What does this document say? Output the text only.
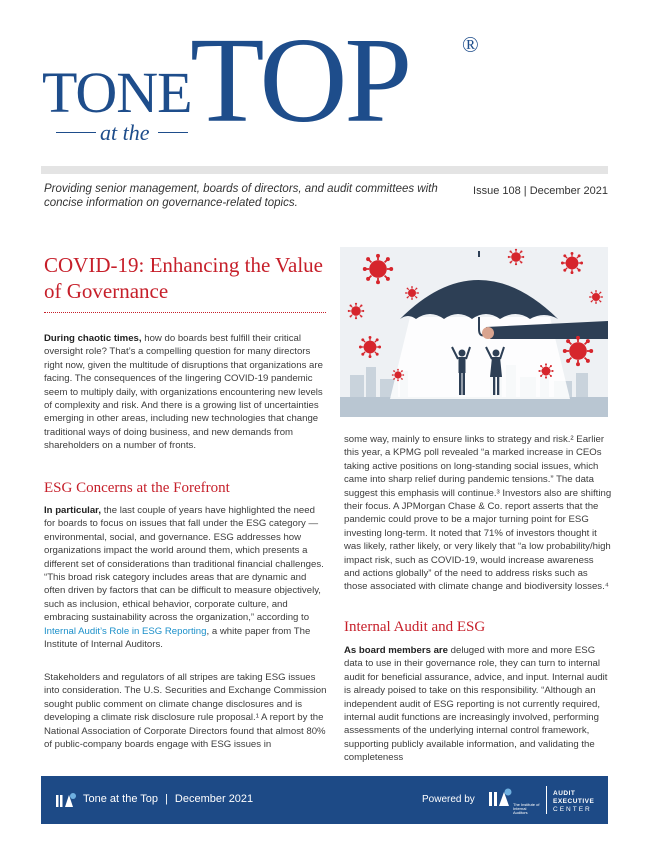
TONE
TOP ®
at the
Providing senior management, boards of directors, and audit committees with concise information on governance-related topics.
Issue 108 | December 2021
COVID-19: Enhancing the Value of Governance

During chaotic times, how do boards best fulfill their critical oversight role? That’s a compelling question for many directors right now, given the multitude of disruptions that organizations are facing. The consequences of the lingering COVID-19 pandemic seem to multiply daily, with organizations encountering new levels of complexity and risk. And there is a growing list of uncertainties emerging in other areas, including new technologies that change traditional ways of doing business, and new demands from shareholders on a number of fronts.

ESG Concerns at the Forefront

In particular, the last couple of years have highlighted the need for boards to focus on issues that fall under the ESG category — environmental, social, and governance. ESG addresses how organizations impact the world around them, which presents a different set of considerations than traditional financial challenges. “This broad risk category includes areas that are dynamic and often driven by factors that can be difficult to measure objectively, such as inclusion, ethical behavior, corporate culture, and embracing sustainability across the organization,” according to Internal Audit’s Role in ESG Reporting, a white paper from The Institute of Internal Auditors.

Stakeholders and regulators of all stripes are taking ESG issues into consideration. The U.S. Securities and Exchange Commission sought public comment on climate change disclosures and is developing a climate risk disclosure rule proposal.¹ A report by the National Association of Corporate Directors found that almost 80% of public-company boards engage with ESG issues in

some way, mainly to ensure links to strategy and risk.² Earlier this year, a KPMG poll revealed “a marked increase in CEOs taking active positions on long-standing social issues, which came into sharp relief during pandemic tensions.” The data suggest this emphasis will continue.³ Investors also are shifting their focus. A JPMorgan Chase & Co. report asserts that the pandemic could prove to be a major turning point for ESG investing long-term. It noted that 71% of investors thought it was likely, rather likely, or very likely that “a low probability/high impact risk, such as COVID-19, would increase awareness and actions globally” of the need to address risks such as those associated with climate change and biodiversity losses.⁴

Internal Audit and ESG

As board members are deluged with more and more ESG data to use in their governance role, they can turn to internal audit for beneficial assurance, advice, and input. Internal audit is already poised to take on this responsibility. “Although an independent audit of ESG reporting is not currently required, internal audit functions are increasingly involved, performing assessments of the underlying internal control framework, supporting publicly available information, and validating the completeness

Tone at the Top | December 2021	Powered by	The Institute of Internal Auditors
AUDIT EXECUTIVE
CENTER
